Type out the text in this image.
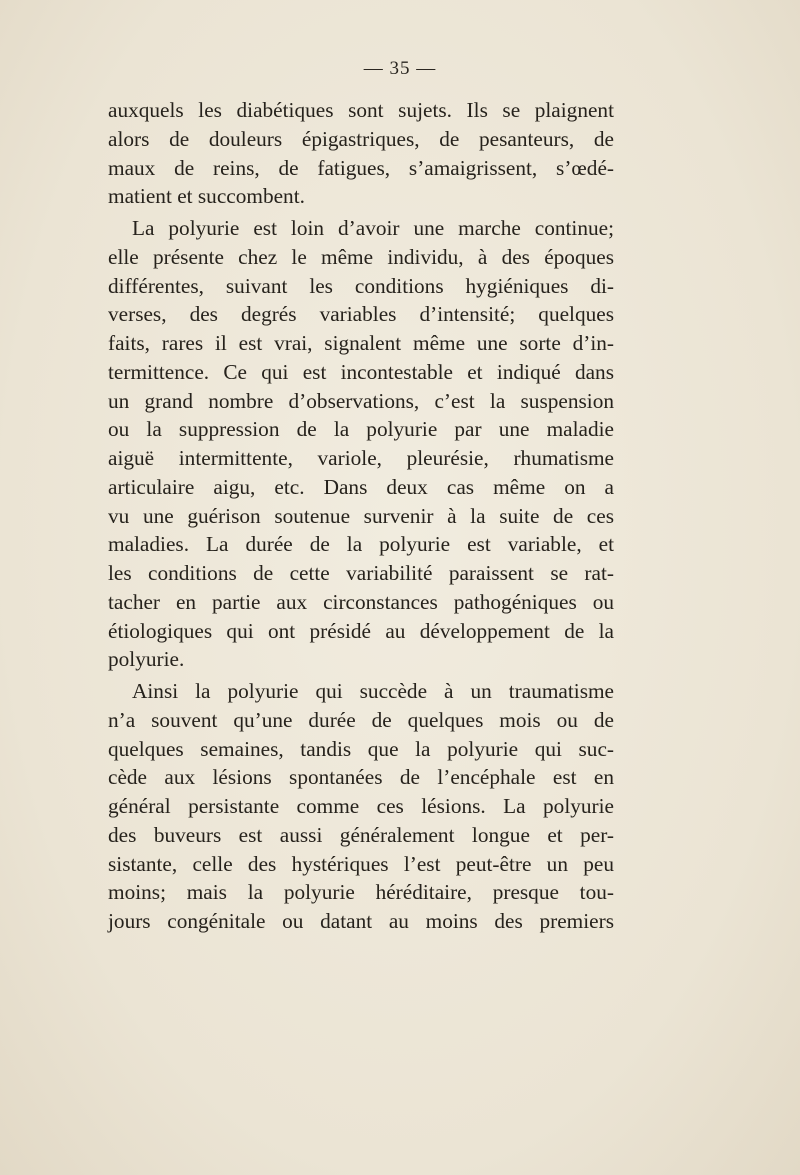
— 35 —
auxquels les diabétiques sont sujets. Ils se plaignent
alors de douleurs épigastriques, de pesanteurs, de
maux de reins, de fatigues, s’amaigrissent, s’œdé-
matient et succombent.
La polyurie est loin d’avoir une marche continue;
elle présente chez le même individu, à des époques
différentes, suivant les conditions hygiéniques di-
verses, des degrés variables d’intensité; quelques
faits, rares il est vrai, signalent même une sorte d’in-
termittence. Ce qui est incontestable et indiqué dans
un grand nombre d’observations, c’est la suspension
ou la suppression de la polyurie par une maladie
aiguë intermittente, variole, pleurésie, rhumatisme
articulaire aigu, etc. Dans deux cas même on a
vu une guérison soutenue survenir à la suite de ces
maladies. La durée de la polyurie est variable, et
les conditions de cette variabilité paraissent se rat-
tacher en partie aux circonstances pathogéniques ou
étiologiques qui ont présidé au développement de la
polyurie.
Ainsi la polyurie qui succède à un traumatisme
n’a souvent qu’une durée de quelques mois ou de
quelques semaines, tandis que la polyurie qui suc-
cède aux lésions spontanées de l’encéphale est en
général persistante comme ces lésions. La polyurie
des buveurs est aussi généralement longue et per-
sistante, celle des hystériques l’est peut-être un peu
moins; mais la polyurie héréditaire, presque tou-
jours congénitale ou datant au moins des premiers
